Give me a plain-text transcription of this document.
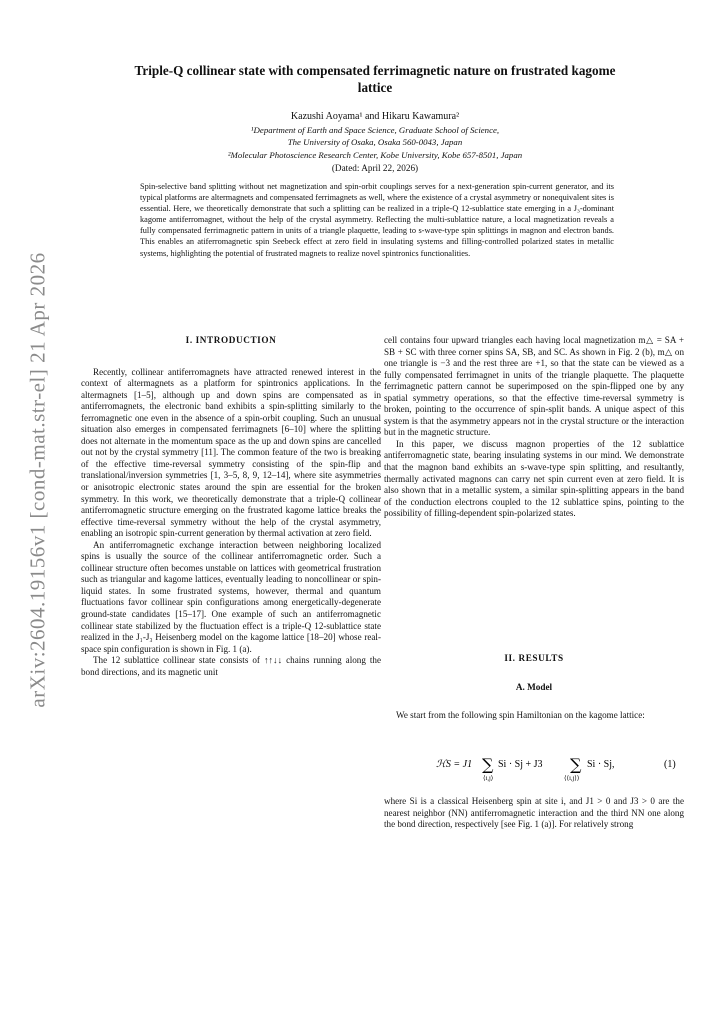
arXiv:2604.19156v1 [cond-mat.str-el] 21 Apr 2026
Triple-Q collinear state with compensated ferrimagnetic nature on frustrated kagome
lattice
Kazushi Aoyama¹ and Hikaru Kawamura²
¹Department of Earth and Space Science, Graduate School of Science,
The University of Osaka, Osaka 560-0043, Japan
²Molecular Photoscience Research Center, Kobe University, Kobe 657-8501, Japan
(Dated: April 22, 2026)
Spin-selective band splitting without net magnetization and spin-orbit couplings serves for a next-generation spin-current generator, and its typical platforms are altermagnets and compensated ferrimagnets as well, where the existence of a crystal asymmetry or nonequivalent sites is essential. Here, we theoretically demonstrate that such a splitting can be realized in a triple-Q 12-sublattice state emerging in a J₃-dominant kagome antiferromagnet, without the help of the crystal asymmetry. Reflecting the multi-sublattice nature, a local magnetization reveals a fully compensated ferrimagnetic pattern in units of a triangle plaquette, leading to s-wave-type spin splittings in magnon and electron bands. This enables an atiferromagnetic spin Seebeck effect at zero field in insulating systems and filling-controlled polarized states in metallic systems, highlighting the potential of frustrated magnets to realize novel spintronics functionalities.
I. INTRODUCTION

Recently, collinear antiferromagnets have attracted renewed interest in the context of altermagnets as a platform for spintronics applications. In the altermagnets [1–5], although up and down spins are compensated as in antiferromagnets, the electronic band exhibits a spin-splitting similarly to the ferromagnetic one even in the absence of a spin-orbit coupling. Such an unusual situation also emerges in compensated ferrimagnets [6–10] where the splitting does not alternate in the momentum space as the up and down spins are cancelled out not by the crystal symmetry [11]. The common feature of the two is breaking of the effective time-reversal symmetry consisting of the spin-flip and translational/inversion symmetries [1, 3–5, 8, 9, 12–14], where site asymmetries or anisotropic electronic states around the spin are essential for the broken symmetry. In this work, we theoretically demonstrate that a triple-Q collinear antiferromagnetic structure emerging on the frustrated kagome lattice breaks the effective time-reversal symmetry without the help of the crystal asymmetry, enabling an isotropic spin-current generation by thermal activation at zero field.

An antiferromagnetic exchange interaction between neighboring localized spins is usually the source of the collinear antiferromagnetic order. Such a collinear structure often becomes unstable on lattices with geometrical frustration such as triangular and kagome lattices, eventually leading to noncollinear or spin-liquid states. In some frustrated systems, however, thermal and quantum fluctuations favor collinear spin configurations among energetically-degenerate ground-state candidates [15–17]. One example of such an antiferromagnetic collinear state stabilized by the fluctuation effect is a triple-Q 12-sublattice state realized in the J₁-J₃ Heisenberg model on the kagome lattice [18–20] whose real-space spin configuration is shown in Fig. 1 (a).

The 12 sublattice collinear state consists of ↑↑↓↓ chains running along the bond directions, and its magnetic unit

cell contains four upward triangles each having local magnetization m△ = SA + SB + SC with three corner spins SA, SB, and SC. As shown in Fig. 2 (b), m△ on one triangle is −3 and the rest three are +1, so that the state can be viewed as a fully compensated ferrimagnet in units of the triangle plaquette. The plaquette ferrimagnetic pattern cannot be superimposed on the spin-flipped one by any spatial symmetry operations, so that the effective time-reversal symmetry is broken, pointing to the occurrence of spin-split bands. A unique aspect of this system is that the asymmetry appears not in the crystal structure or the interaction but in the magnetic structure.

In this paper, we discuss magnon properties of the 12 sublattice antiferromagnetic state, bearing insulating systems in our mind. We demonstrate that the magnon band exhibits an s-wave-type spin splitting, and resultantly, thermally activated magnons can carry net spin current even at zero field. It is also shown that in a metallic system, a similar spin-splitting appears in the band of the conduction electrons coupled to the 12 sublattice spins, pointing to the possibility of filling-dependent spin-polarized states.

II. RESULTS
A. Model

We start from the following spin Hamiltonian on the kagome lattice:

ℋS = J1 ∑
⟨i,j⟩
Si · Sj + J3 ∑
⟨⟨i,j⟩⟩
Si · Sj,	(1)

where Si is a classical Heisenberg spin at site i, and J1 > 0 and J3 > 0 are the nearest neighbor (NN) antiferromagnetic interaction and the third NN one along the bond direction, respectively [see Fig. 1 (a)]. For relatively strong
